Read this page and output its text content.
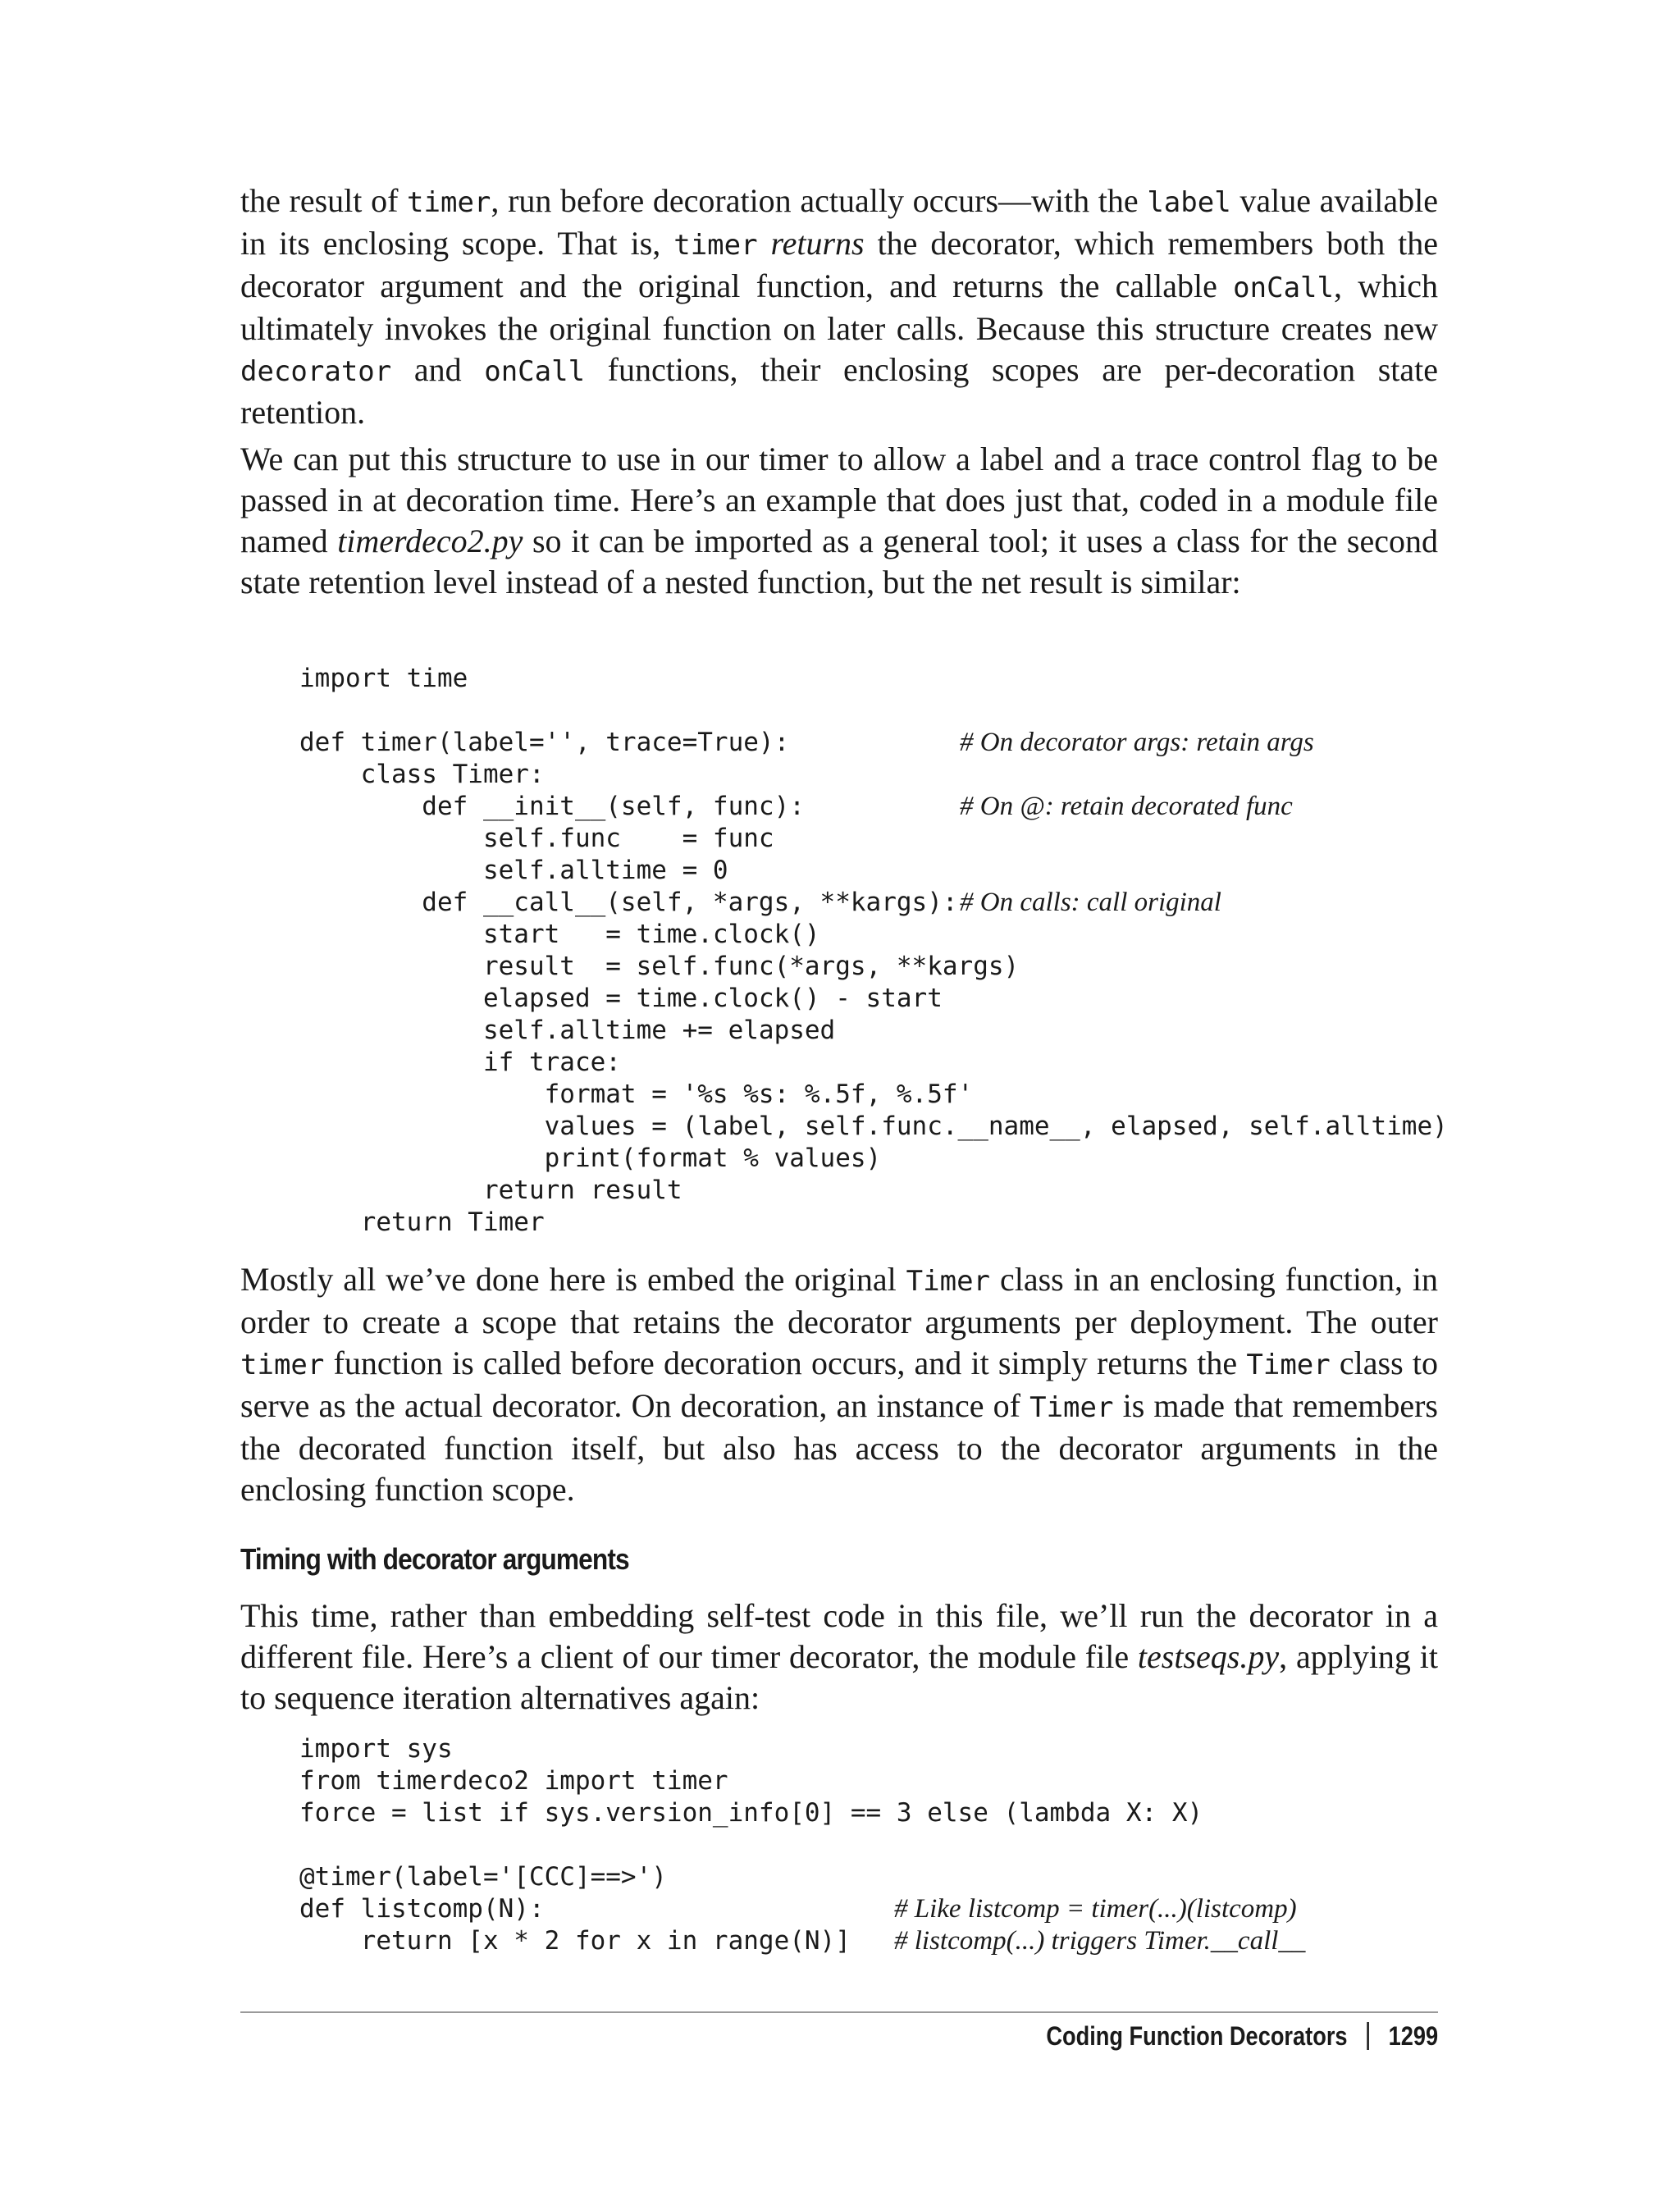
the result of timer, run before decoration actually occurs—with the label value available in its enclosing scope. That is, timer returns the decorator, which remembers both the decorator argument and the original function, and returns the callable onCall, which ultimately invokes the original function on later calls. Because this structure creates new decorator and onCall functions, their enclosing scopes are per-decoration state retention.

We can put this structure to use in our timer to allow a label and a trace control flag to be passed in at decoration time. Here’s an example that does just that, coded in a module file named timerdeco2.py so it can be imported as a general tool; it uses a class for the second state retention level instead of a nested function, but the net result is similar:

import time

def timer(label='', trace=True):
class Timer:
def __init__(self, func):
self.func    = func
self.alltime = 0
def __call__(self, *args, **kargs):
start   = time.clock()
result  = self.func(*args, **kargs)
elapsed = time.clock() - start
self.alltime += elapsed
if trace:
format = '%s %s: %.5f, %.5f'
values = (label, self.func.__name__, elapsed, self.alltime)
print(format % values)
return result
return Timer
# On decorator args: retain args
# On @: retain decorated func
# On calls: call original

Mostly all we’ve done here is embed the original Timer class in an enclosing function, in order to create a scope that retains the decorator arguments per deployment. The outer timer function is called before decoration occurs, and it simply returns the Timer class to serve as the actual decorator. On decoration, an instance of Timer is made that remembers the decorated function itself, but also has access to the decorator arguments in the enclosing function scope.

Timing with decorator arguments

This time, rather than embedding self-test code in this file, we’ll run the decorator in a different file. Here’s a client of our timer decorator, the module file testseqs.py, applying it to sequence iteration alternatives again:

import sys
from timerdeco2 import timer
force = list if sys.version_info[0] == 3 else (lambda X: X)

@timer(label='[CCC]==>')
def listcomp(N):
return [x * 2 for x in range(N)]
# Like listcomp = timer(...)(listcomp)
# listcomp(...) triggers Timer.__call__
Coding Function Decorators 1299
